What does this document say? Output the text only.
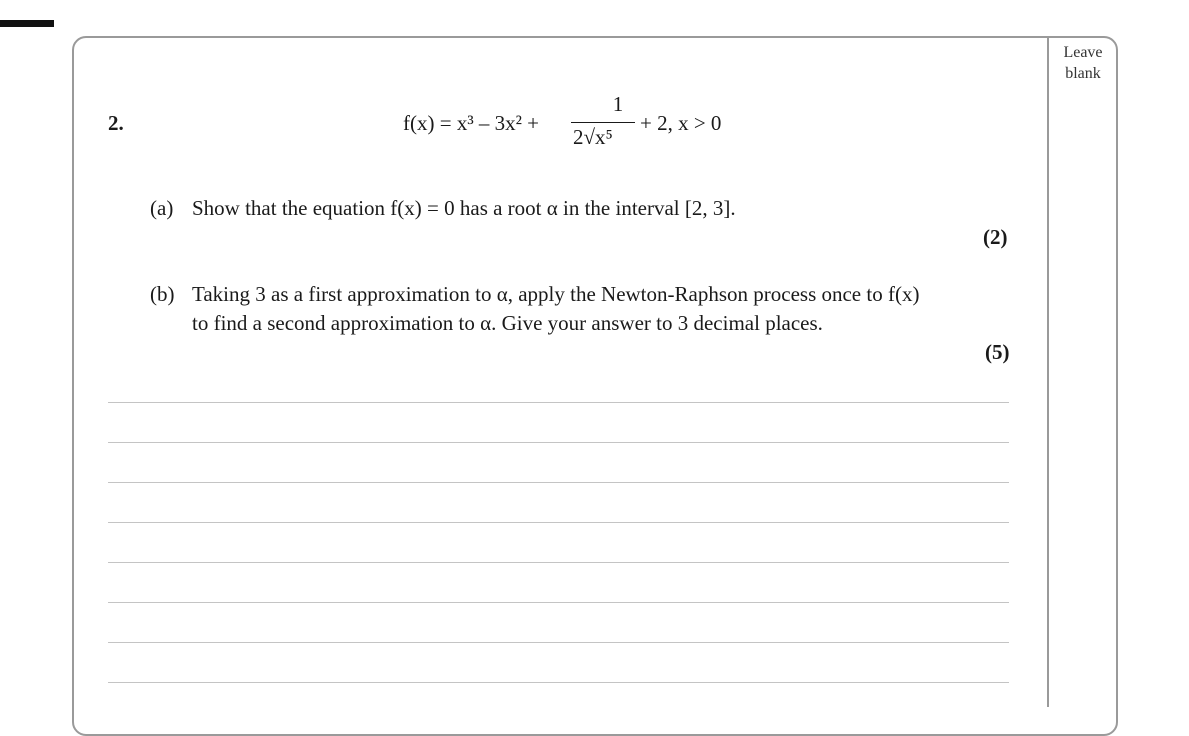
Leave
blank
2.	f(x) = x³ – 3x² +
1
2√x⁵
+ 2, x > 0
(a) Show that the equation f(x) = 0 has a root α in the interval [2, 3].
(2)
(b) Taking 3 as a first approximation to α, apply the Newton-Raphson process once to f(x)
to find a second approximation to α. Give your answer to 3 decimal places.
(5)
